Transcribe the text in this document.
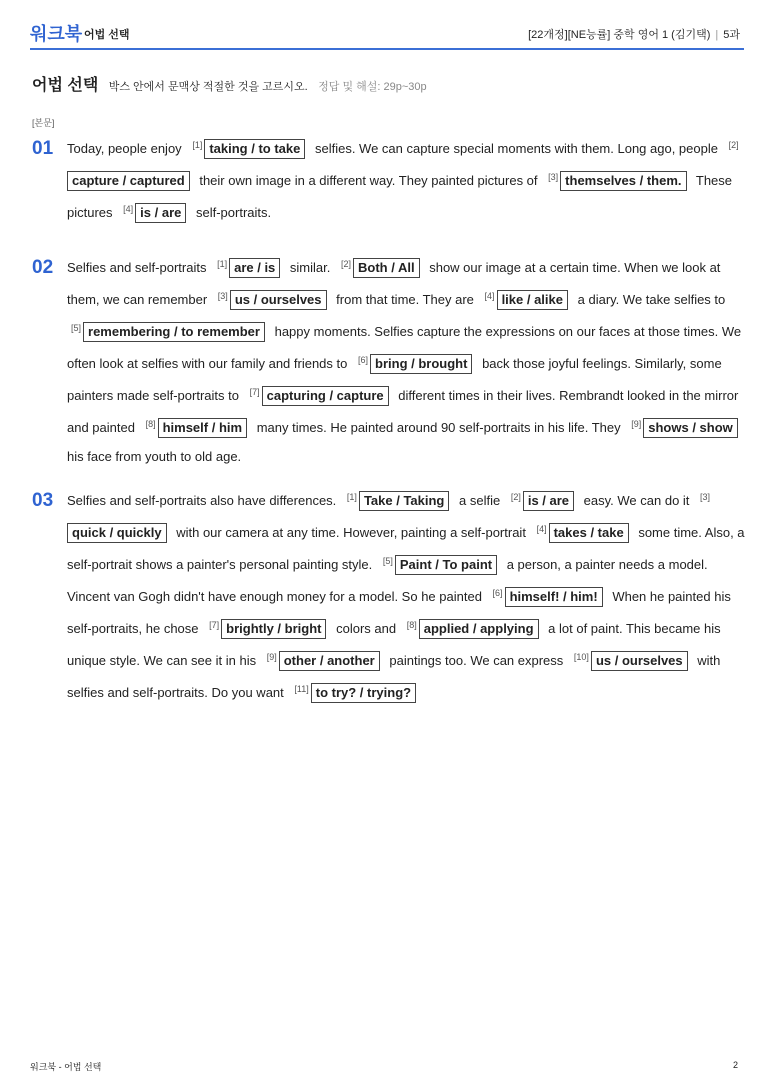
워크북 어법 선택	[22개정][NE능률] 중학 영어 1 (김기택) | 5과
어법 선택 박스 안에서 문맥상 적절한 것을 고르시오. 정답 및 해설: 29p~30p
[본문]
01 Today, people enjoy [1] taking / to take selfies. We can capture special moments with them. Long ago, people [2]capture / captured their own image in a different way. They painted pictures of [3] themselves / them. These pictures [4] is / are self-portraits.
02 Selfies and self-portraits [1] are / is similar. [2] Both / All show our image at a certain time. When we look at them, we can remember [3] us / ourselves from that time. They are [4] like / alike a diary. We take selfies to [5] remembering / to remember happy moments. Selfies capture the expressions on our faces at those times. We often look at selfies with our family and friends to [6] bring / brought back those joyful feelings. Similarly, some painters made self-portraits to [7] capturing / capture different times in their lives. Rembrandt looked in the mirror and painted [8] himself / him many times. He painted around 90 self-portraits in his life. They [9] shows / show his face from youth to old age.
03 Selfies and self-portraits also have differences. [1] Take / Taking a selfie [2] is / are easy. We can do it [3]quick / quickly with our camera at any time. However, painting a self-portrait [4] takes / take some time. Also, a self-portrait shows a painter's personal painting style. [5] Paint / To paint a person, a painter needs a model. Vincent van Gogh didn't have enough money for a model. So he painted [6] himself! / him! When he painted his self-portraits, he chose [7] brightly / bright colors and [8] applied / applying a lot of paint. This became his unique style. We can see it in his [9] other / another paintings too. We can express [10] us / ourselves with selfies and self-portraits. Do you want [11] to try? / trying?
워크북 - 어법 선택	2
